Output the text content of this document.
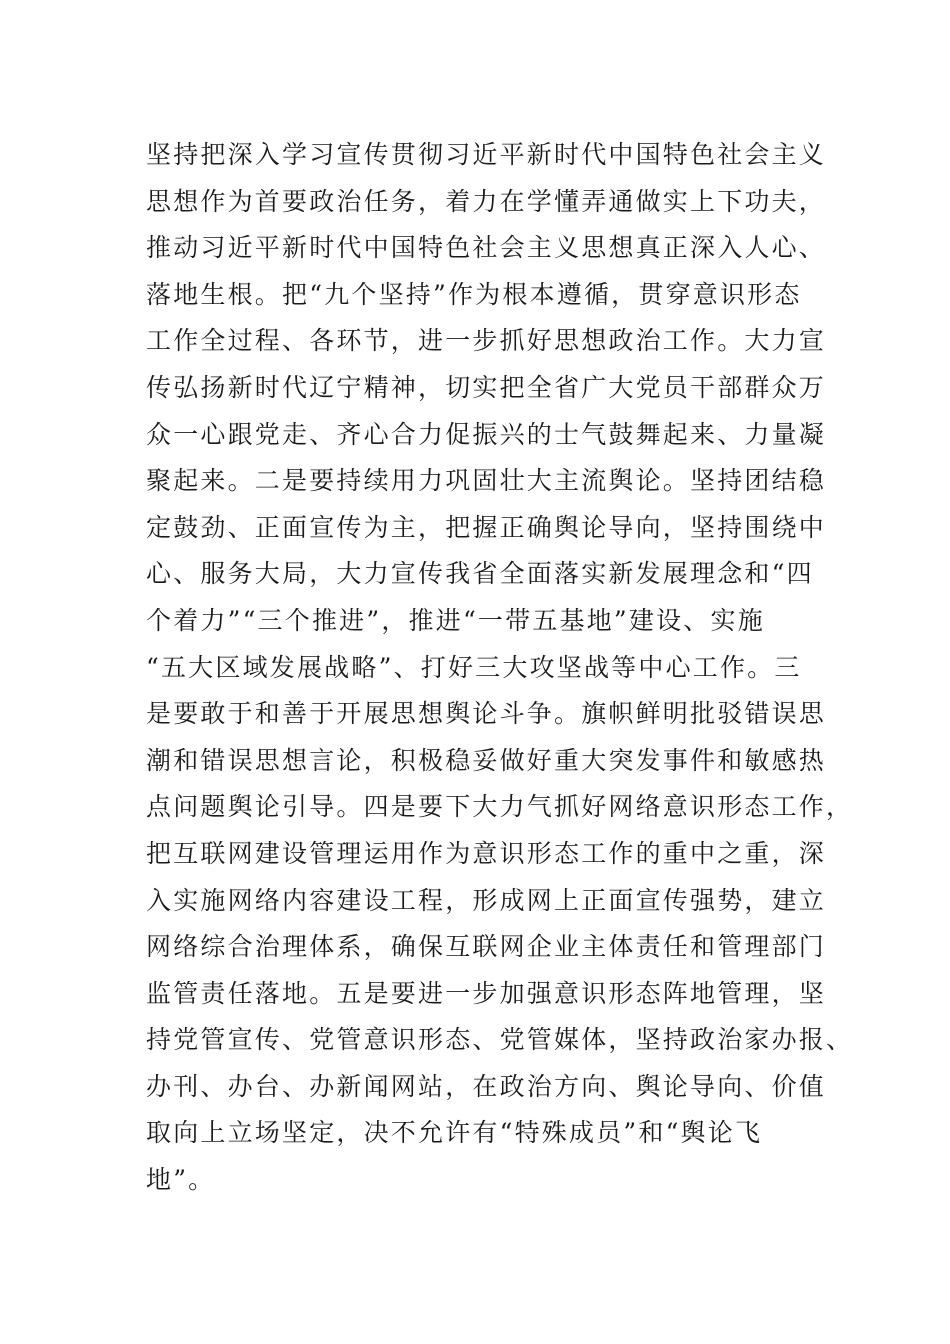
坚持把深入学习宣传贯彻习近平新时代中国特色社会主义
思想作为首要政治任务，着力在学懂弄通做实上下功夫，
推动习近平新时代中国特色社会主义思想真正深入人心、
落地生根。把“九个坚持”作为根本遵循，贯穿意识形态
工作全过程、各环节，进一步抓好思想政治工作。大力宣
传弘扬新时代辽宁精神，切实把全省广大党员干部群众万
众一心跟党走、齐心合力促振兴的士气鼓舞起来、力量凝
聚起来。二是要持续用力巩固壮大主流舆论。坚持团结稳
定鼓劲、正面宣传为主，把握正确舆论导向，坚持围绕中
心、服务大局，大力宣传我省全面落实新发展理念和“四
个着力”“三个推进”，推进“一带五基地”建设、实施
“五大区域发展战略”、打好三大攻坚战等中心工作。三
是要敢于和善于开展思想舆论斗争。旗帜鲜明批驳错误思
潮和错误思想言论，积极稳妥做好重大突发事件和敏感热
点问题舆论引导。四是要下大力气抓好网络意识形态工作，
把互联网建设管理运用作为意识形态工作的重中之重，深
入实施网络内容建设工程，形成网上正面宣传强势，建立
网络综合治理体系，确保互联网企业主体责任和管理部门
监管责任落地。五是要进一步加强意识形态阵地管理，坚
持党管宣传、党管意识形态、党管媒体，坚持政治家办报、
办刊、办台、办新闻网站，在政治方向、舆论导向、价值
取向上立场坚定，决不允许有“特殊成员”和“舆论飞
地”。
